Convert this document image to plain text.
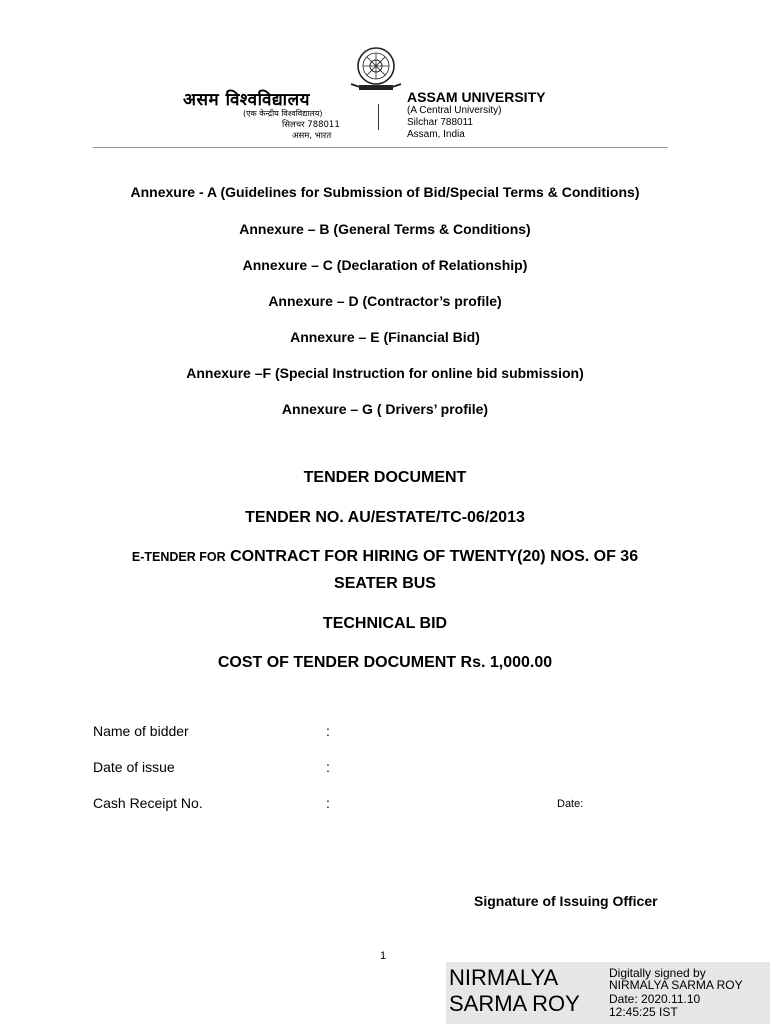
असम विश्वविद्यालय
(एक केन्द्रीय विश्वविद्यालय)
सिलचर 788011
असम, भारत
ASSAM UNIVERSITY
(A Central University)
Silchar 788011
Assam, India
Annexure - A (Guidelines for Submission of Bid/Special Terms & Conditions)
Annexure – B (General Terms & Conditions)
Annexure – C (Declaration of Relationship)
Annexure – D (Contractor’s profile)
Annexure – E (Financial Bid)
Annexure –F (Special Instruction for online bid submission)
Annexure – G ( Drivers’ profile)
TENDER DOCUMENT
TENDER NO. AU/ESTATE/TC-06/2013
E-TENDER FOR CONTRACT FOR HIRING OF TWENTY(20) NOS. OF 36
SEATER BUS
TECHNICAL BID
COST OF TENDER DOCUMENT Rs. 1,000.00
Name of bidder	:
Date of issue	:
Cash Receipt No.	:	Date:
Signature of Issuing Officer
1
NIRMALYA
SARMA ROY
Digitally signed by
NIRMALYA SARMA ROY
Date: 2020.11.10
12:45:25 IST
